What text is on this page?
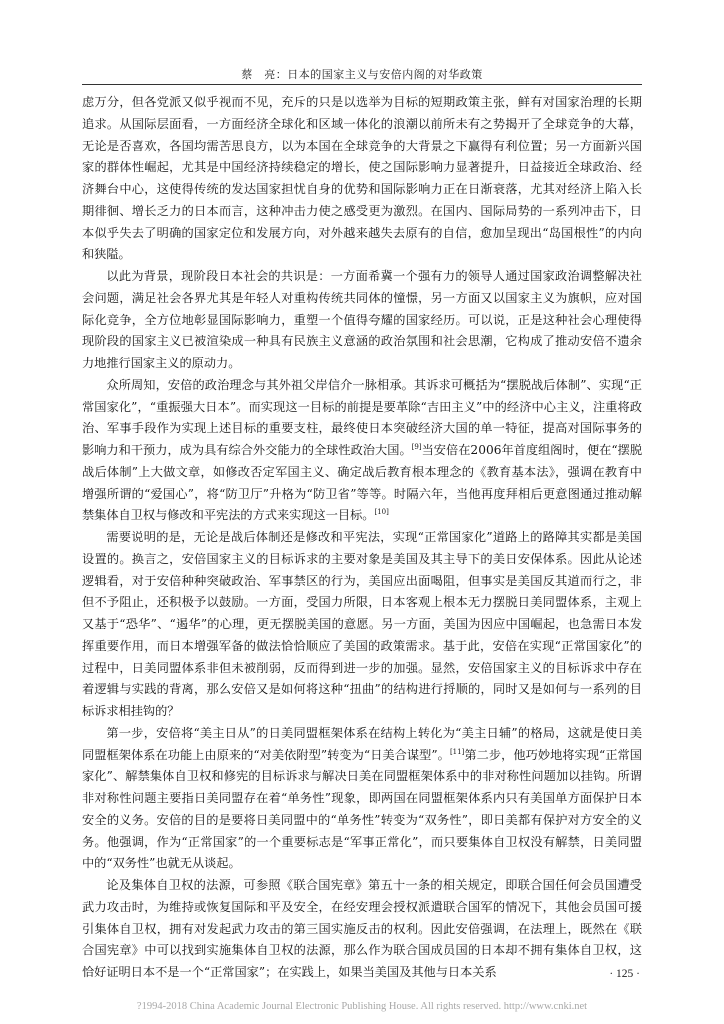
蔡　亮：日本的国家主义与安倍内阁的对华政策

虑万分，但各党派又似乎视而不见，充斥的只是以选举为目标的短期政策主张，鲜有对国家治理的长期追求。从国际层面看，一方面经济全球化和区域一体化的浪潮以前所未有之势揭开了全球竞争的大幕，无论是否喜欢，各国均需苦思良方，以为本国在全球竞争的大背景之下赢得有利位置；另一方面新兴国家的群体性崛起，尤其是中国经济持续稳定的增长，使之国际影响力显著提升，日益接近全球政治、经济舞台中心，这使得传统的发达国家担忧自身的优势和国际影响力正在日渐衰落，尤其对经济上陷入长期徘徊、增长乏力的日本而言，这种冲击力使之感受更为激烈。在国内、国际局势的一系列冲击下，日本似乎失去了明确的国家定位和发展方向，对外越来越失去原有的自信，愈加呈现出“岛国根性”的内向和狭隘。

以此为背景，现阶段日本社会的共识是：一方面希冀一个强有力的领导人通过国家政治调整解决社会问题，满足社会各界尤其是年轻人对重构传统共同体的憧憬，另一方面又以国家主义为旗帜，应对国际化竞争，全方位地彰显国际影响力，重塑一个值得夸耀的国家经历。可以说，正是这种社会心理使得现阶段的国家主义已被渲染成一种具有民族主义意涵的政治氛围和社会思潮，它构成了推动安倍不遗余力地推行国家主义的原动力。

众所周知，安倍的政治理念与其外祖父岸信介一脉相承。其诉求可概括为“摆脱战后体制”、实现“正常国家化”，“重振强大日本”。而实现这一目标的前提是要革除“吉田主义”中的经济中心主义，注重将政治、军事手段作为实现上述目标的重要支柱，最终使日本突破经济大国的单一特征，提高对国际事务的影响力和干预力，成为具有综合外交能力的全球性政治大国。[9]当安倍在2006年首度组阁时，便在“摆脱战后体制”上大做文章，如修改否定军国主义、确定战后教育根本理念的《教育基本法》，强调在教育中增强所谓的“爱国心”，将“防卫厅”升格为“防卫省”等等。时隔六年，当他再度拜相后更意图通过推动解禁集体自卫权与修改和平宪法的方式来实现这一目标。[10]

需要说明的是，无论是战后体制还是修改和平宪法，实现“正常国家化”道路上的路障其实都是美国设置的。换言之，安倍国家主义的目标诉求的主要对象是美国及其主导下的美日安保体系。因此从论述逻辑看，对于安倍种种突破政治、军事禁区的行为，美国应出面喝阻，但事实是美国反其道而行之，非但不予阻止，还积极予以鼓励。一方面，受国力所限，日本客观上根本无力摆脱日美同盟体系，主观上又基于“恐华”、“遏华”的心理，更无摆脱美国的意愿。另一方面，美国为因应中国崛起，也急需日本发挥重要作用，而日本增强军备的做法恰恰顺应了美国的政策需求。基于此，安倍在实现“正常国家化”的过程中，日美同盟体系非但未被削弱，反而得到进一步的加强。显然，安倍国家主义的目标诉求中存在着逻辑与实践的背离，那么安倍又是如何将这种“扭曲”的结构进行捋顺的，同时又是如何与一系列的目标诉求相挂钩的？

第一步，安倍将“美主日从”的日美同盟框架体系在结构上转化为“美主日辅”的格局，这就是使日美同盟框架体系在功能上由原来的“对美依附型”转变为“日美合谋型”。[11]第二步，他巧妙地将实现“正常国家化”、解禁集体自卫权和修宪的目标诉求与解决日美在同盟框架体系中的非对称性问题加以挂钩。所谓非对称性问题主要指日美同盟存在着“单务性”现象，即两国在同盟框架体系内只有美国单方面保护日本安全的义务。安倍的目的是要将日美同盟中的“单务性”转变为“双务性”，即日美都有保护对方安全的义务。他强调，作为“正常国家”的一个重要标志是“军事正常化”，而只要集体自卫权没有解禁，日美同盟中的“双务性”也就无从谈起。

论及集体自卫权的法源，可参照《联合国宪章》第五十一条的相关规定，即联合国任何会员国遭受武力攻击时，为维持或恢复国际和平及安全，在经安理会授权派遣联合国军的情况下，其他会员国可援引集体自卫权，拥有对发起武力攻击的第三国实施反击的权利。因此安倍强调，在法理上，既然在《联合国宪章》中可以找到实施集体自卫权的法源，那么作为联合国成员国的日本却不拥有集体自卫权，这恰好证明日本不是一个“正常国家”；在实践上，如果当美国及其他与日本关系	· 125 ·
?1994-2018 China Academic Journal Electronic Publishing House. All rights reserved. http://www.cnki.net
